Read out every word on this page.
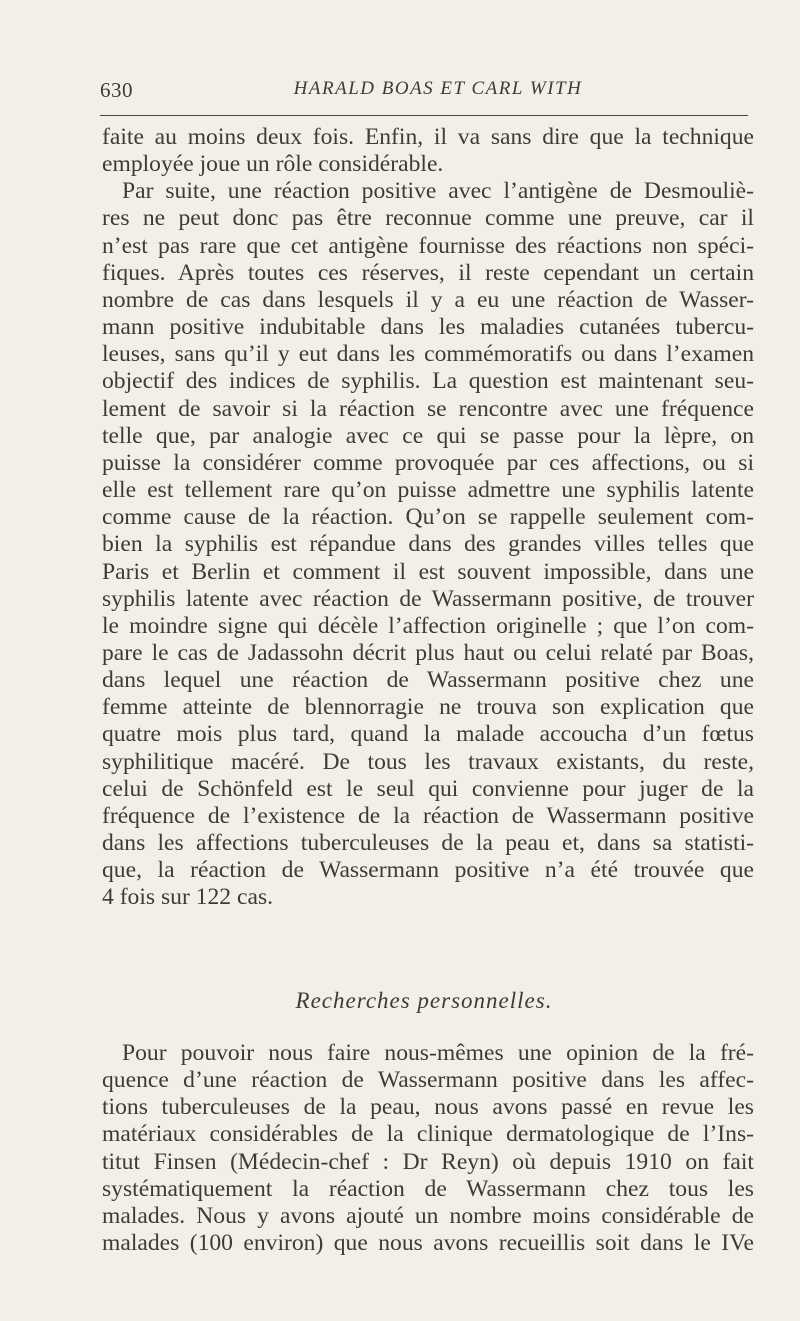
630	HARALD BOAS ET CARL WITH
faite au moins deux fois. Enfin, il va sans dire que la technique
employée joue un rôle considérable.
Par suite, une réaction positive avec l’antigène de Desmouliè-
res ne peut donc pas être reconnue comme une preuve, car il
n’est pas rare que cet antigène fournisse des réactions non spéci-
fiques. Après toutes ces réserves, il reste cependant un certain
nombre de cas dans lesquels il y a eu une réaction de Wasser-
mann positive indubitable dans les maladies cutanées tubercu-
leuses, sans qu’il y eut dans les commémoratifs ou dans l’examen
objectif des indices de syphilis. La question est maintenant seu-
lement de savoir si la réaction se rencontre avec une fréquence
telle que, par analogie avec ce qui se passe pour la lèpre, on
puisse la considérer comme provoquée par ces affections, ou si
elle est tellement rare qu’on puisse admettre une syphilis latente
comme cause de la réaction. Qu’on se rappelle seulement com-
bien la syphilis est répandue dans des grandes villes telles que
Paris et Berlin et comment il est souvent impossible, dans une
syphilis latente avec réaction de Wassermann positive, de trouver
le moindre signe qui décèle l’affection originelle ; que l’on com-
pare le cas de Jadassohn décrit plus haut ou celui relaté par Boas,
dans lequel une réaction de Wassermann positive chez une
femme atteinte de blennorragie ne trouva son explication que
quatre mois plus tard, quand la malade accoucha d’un fœtus
syphilitique macéré. De tous les travaux existants, du reste,
celui de Schönfeld est le seul qui convienne pour juger de la
fréquence de l’existence de la réaction de Wassermann positive
dans les affections tuberculeuses de la peau et, dans sa statisti-
que, la réaction de Wassermann positive n’a été trouvée que
4 fois sur 122 cas.
Recherches personnelles.
Pour pouvoir nous faire nous-mêmes une opinion de la fré-
quence d’une réaction de Wassermann positive dans les affec-
tions tuberculeuses de la peau, nous avons passé en revue les
matériaux considérables de la clinique dermatologique de l’Ins-
titut Finsen (Médecin-chef : Dr Reyn) où depuis 1910 on fait
systématiquement la réaction de Wassermann chez tous les
malades. Nous y avons ajouté un nombre moins considérable de
malades (100 environ) que nous avons recueillis soit dans le IVe
